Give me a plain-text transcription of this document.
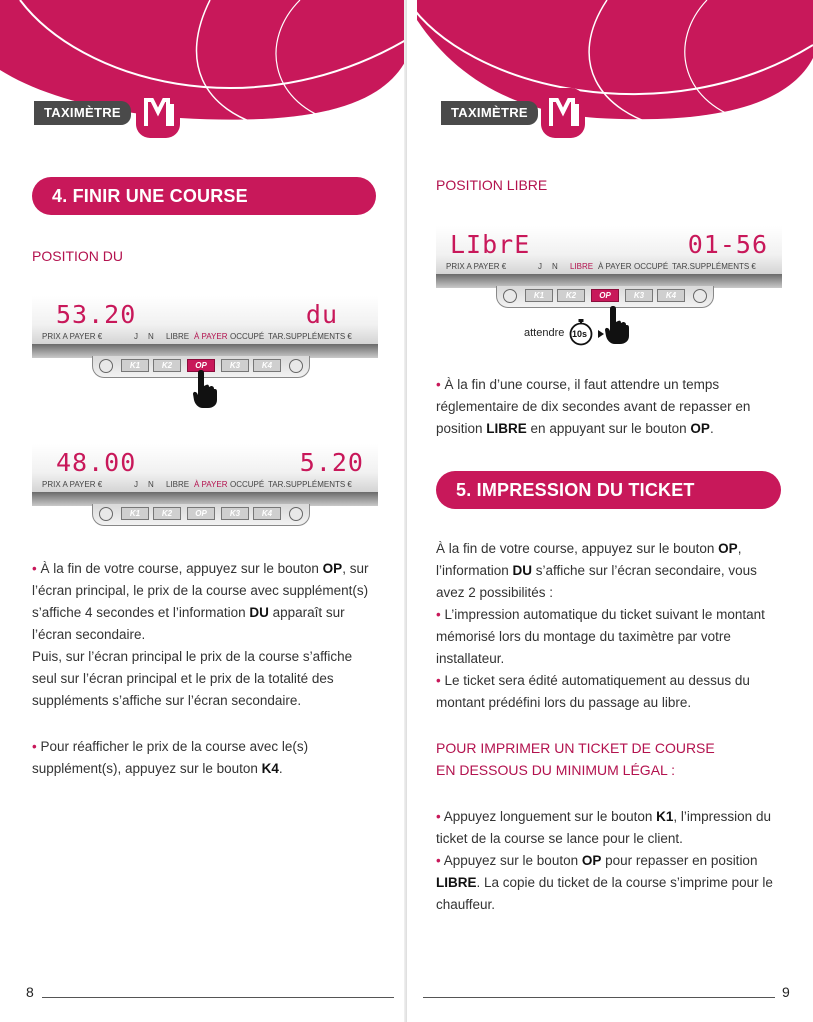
TAXIMÈTRE
4. FINIR UNE COURSE
POSITION DU
53.20	du
PRIX A PAYER €	J N LIBRE À PAYER OCCUPÉ TAR.SUPPLÉMENTS €
K1	K2	OP	K3	K4
48.00	5.20
PRIX A PAYER €	J N LIBRE À PAYER OCCUPÉ TAR.SUPPLÉMENTS €
K1	K2	OP	K3	K4
• À la fin de votre course, appuyez sur le bouton OP, sur l’écran principal, le prix de la course avec supplément(s) s’affiche 4 secondes et l’information DU apparaît sur l’écran secondaire.
Puis, sur l’écran principal le prix de la course s’affiche seul sur l’écran principal et le prix de la totalité des suppléments s’affiche sur l’écran secondaire.
• Pour réafficher le prix de la course avec le(s) supplément(s), appuyez sur le bouton K4.
8
TAXIMÈTRE
POSITION LIBRE
LIbrE	01-56
PRIX A PAYER €	J N LIBRE À PAYER OCCUPÉ TAR.SUPPLÉMENTS €
K1	K2	OP	K3	K4
attendre 10s
• À la fin d’une course, il faut attendre un temps réglementaire de dix secondes avant de repasser en position LIBRE en appuyant sur le bouton OP.
5. IMPRESSION DU TICKET
À la fin de votre course, appuyez sur le bouton OP, l’information DU s’affiche sur l’écran secondaire, vous avez 2 possibilités :
• L’impression automatique du ticket suivant le montant mémorisé lors du montage du taximètre par votre installateur.
• Le ticket sera édité automatiquement au dessus du montant prédéfini lors du passage au libre.
POUR IMPRIMER UN TICKET DE COURSE
EN DESSOUS DU MINIMUM LÉGAL :
• Appuyez longuement sur le bouton K1, l’impression du ticket de la course se lance pour le client.
• Appuyez sur le bouton OP pour repasser en position LIBRE. La copie du ticket de la course s’imprime pour le chauffeur.
9
